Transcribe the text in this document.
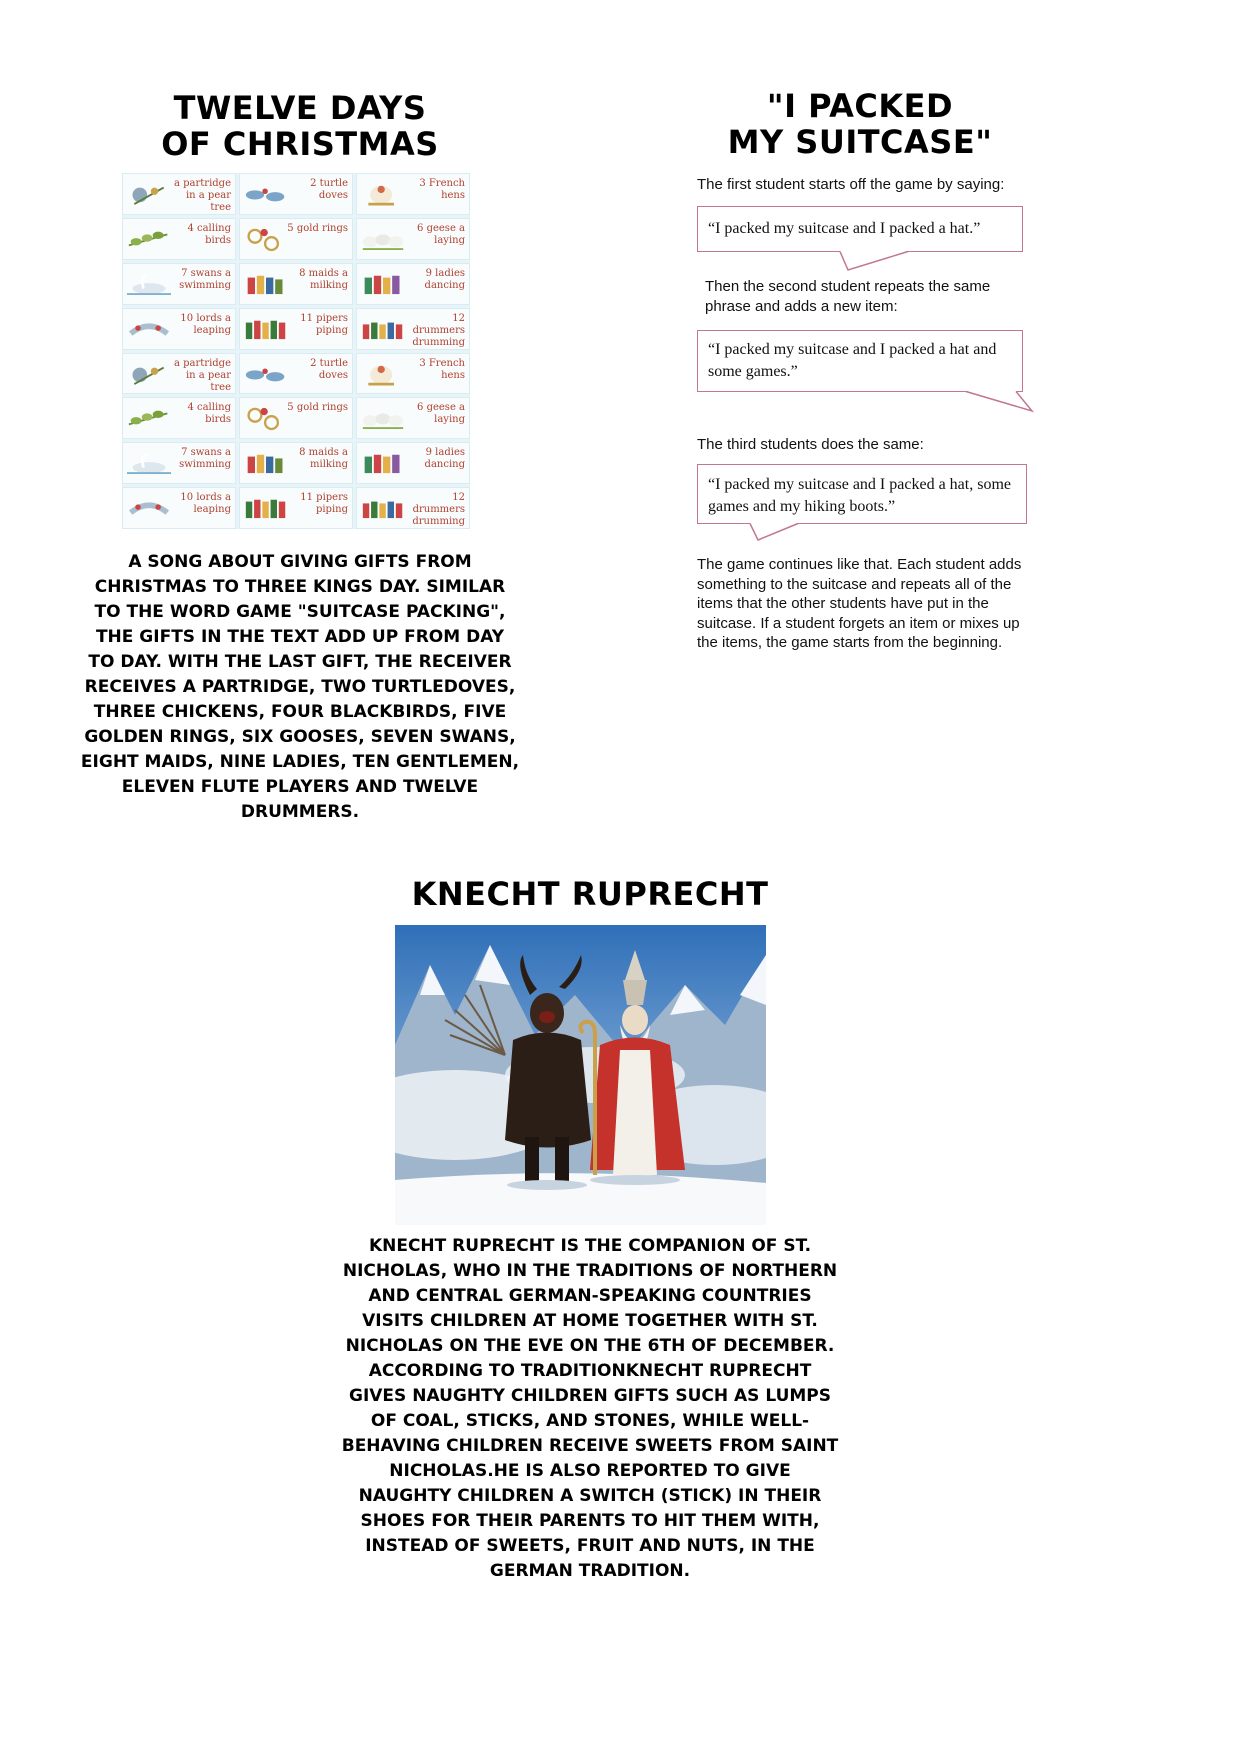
TWELVE DAYS
OF CHRISTMAS
a partridge in a pear tree
2 turtle doves
3 French hens
4 calling birds
5 gold rings	6 geese a laying
7 swans a swimming
8 maids a milking
9 ladies dancing
10 lords a leaping
11 pipers piping
12 drummers drumming
a partridge in a pear tree
2 turtle doves
3 French hens
4 calling birds
5 gold rings	6 geese a laying
7 swans a swimming
8 maids a milking
9 ladies dancing
10 lords a leaping
11 pipers piping
12 drummers drumming

A SONG ABOUT GIVING GIFTS FROM CHRISTMAS TO THREE KINGS DAY. SIMILAR TO THE WORD GAME "SUITCASE PACKING", THE GIFTS IN THE TEXT ADD UP FROM DAY TO DAY. WITH THE LAST GIFT, THE RECEIVER RECEIVES A PARTRIDGE, TWO TURTLEDOVES, THREE CHICKENS, FOUR BLACKBIRDS, FIVE GOLDEN RINGS, SIX GOOSES, SEVEN SWANS, EIGHT MAIDS, NINE LADIES, TEN GENTLEMEN, ELEVEN FLUTE PLAYERS AND TWELVE DRUMMERS.

"I PACKED
MY SUITCASE"

The first student starts off the game by saying:

“I packed my suitcase and I packed a hat.”

Then the second student repeats the same phrase and adds a new item:

“I packed my suitcase and I packed a hat and some games.”

The third students does the same:

“I packed my suitcase and I packed a hat, some games and my hiking boots.”

The game continues like that. Each student adds something to the suitcase and repeats all of the items that the other students have put in the suitcase. If a student forgets an item or mixes up the items, the game starts from the beginning.

KNECHT RUPRECHT

KNECHT RUPRECHT IS THE COMPANION OF ST. NICHOLAS, WHO IN THE TRADITIONS OF NORTHERN AND CENTRAL GERMAN-SPEAKING COUNTRIES VISITS CHILDREN AT HOME TOGETHER WITH ST. NICHOLAS ON THE EVE ON THE 6TH OF DECEMBER. ACCORDING TO TRADITIONKNECHT RUPRECHT GIVES NAUGHTY CHILDREN GIFTS SUCH AS LUMPS OF COAL, STICKS, AND STONES, WHILE WELL-BEHAVING CHILDREN RECEIVE SWEETS FROM SAINT NICHOLAS.HE IS ALSO REPORTED TO GIVE NAUGHTY CHILDREN A SWITCH (STICK) IN THEIR SHOES FOR THEIR PARENTS TO HIT THEM WITH, INSTEAD OF SWEETS, FRUIT AND NUTS, IN THE GERMAN TRADITION.
